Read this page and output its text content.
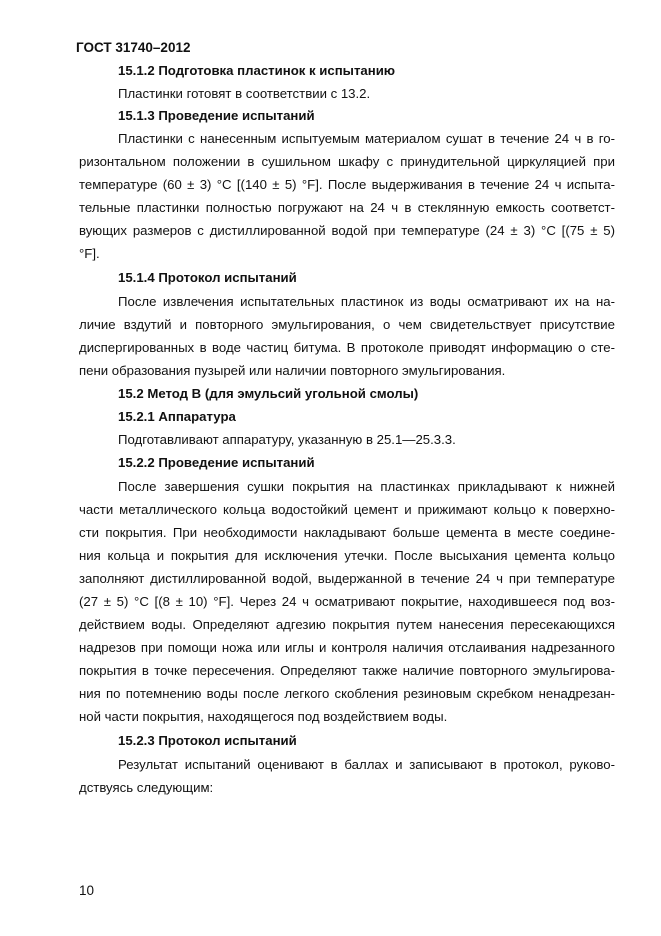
ГОСТ 31740–2012
15.1.2 Подготовка пластинок к испытанию
Пластинки готовят в соответствии с 13.2.
15.1.3 Проведение испытаний
Пластинки с нанесенным испытуемым материалом сушат в течение 24 ч в го-
ризонтальном положении в сушильном шкафу с принудительной циркуляцией при
температуре (60 ± 3) °С [(140 ± 5) °F]. После выдерживания в течение 24 ч испыта-
тельные пластинки полностью погружают на 24 ч в стеклянную емкость соответст-
вующих размеров с дистиллированной водой при температуре (24 ± 3) °С [(75 ± 5)
°F].
15.1.4 Протокол испытаний
После извлечения испытательных пластинок из воды осматривают их на на-
личие вздутий и повторного эмульгирования, о чем свидетельствует присутствие
диспергированных в воде частиц битума. В протоколе приводят информацию о сте-
пени образования пузырей или наличии повторного эмульгирования.
15.2 Метод В (для эмульсий угольной смолы)
15.2.1 Аппаратура
Подготавливают аппаратуру, указанную в 25.1—25.3.3.
15.2.2 Проведение испытаний
После завершения сушки покрытия на пластинках прикладывают к нижней
части металлического кольца водостойкий цемент и прижимают кольцо к поверхно-
сти покрытия. При необходимости накладывают больше цемента в месте соедине-
ния кольца и покрытия для исключения утечки. После высыхания цемента кольцо
заполняют дистиллированной водой, выдержанной в течение 24 ч при температуре
(27 ± 5) °С [(8 ± 10) °F]. Через 24 ч осматривают покрытие, находившееся под воз-
действием воды. Определяют адгезию покрытия путем нанесения пересекающихся
надрезов при помощи ножа или иглы и контроля наличия отслаивания надрезанного
покрытия в точке пересечения. Определяют также наличие повторного эмульгирова-
ния по потемнению воды после легкого скобления резиновым скребком ненадрезан-
ной части покрытия, находящегося под воздействием воды.
15.2.3 Протокол испытаний
Результат испытаний оценивают в баллах и записывают в протокол, руково-
дствуясь следующим:
10
